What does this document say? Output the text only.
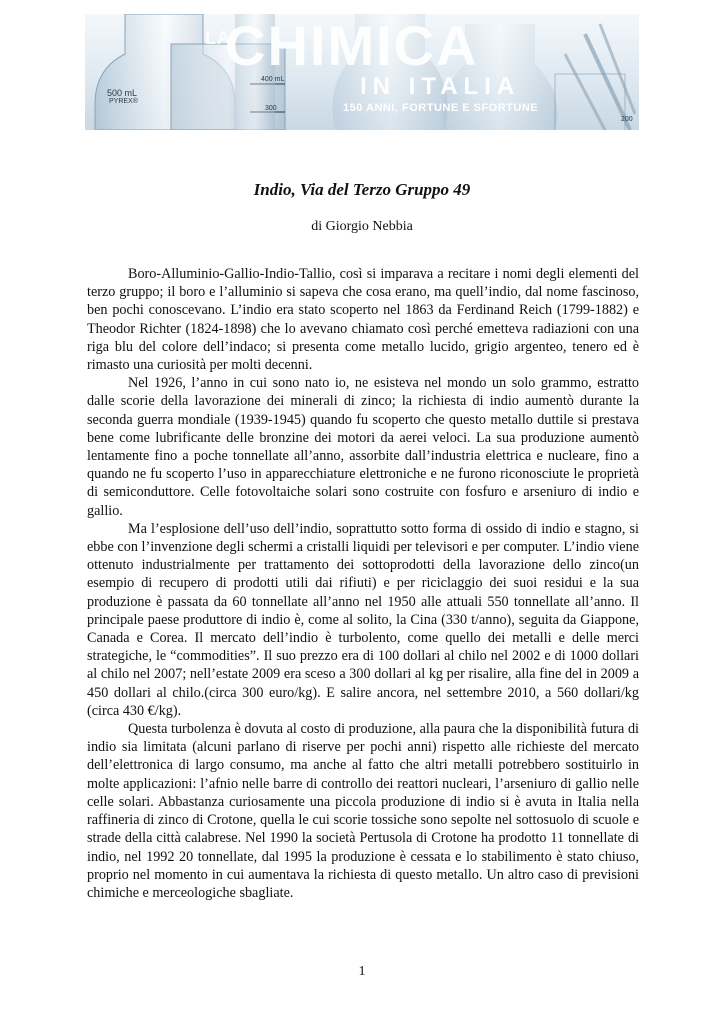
LA
CHIMICA
IN ITALIA
150 ANNI, FORTUNE E SFORTUNE
500 mL
PYREX®
400 mL
300
200
Indio, Via del Terzo Gruppo 49
di Giorgio Nebbia

Boro-Alluminio-Gallio-Indio-Tallio, così si imparava a recitare i nomi degli elementi del terzo gruppo; il boro e l’alluminio si sapeva che cosa erano, ma quell’indio, dal nome fascinoso, ben pochi conoscevano. L’indio era stato scoperto nel 1863 da Ferdinand Reich (1799-1882) e Theodor Richter (1824-1898) che lo avevano chiamato così perché emetteva radiazioni con una riga blu del colore dell’indaco; si presenta come metallo lucido, grigio argenteo, tenero ed è rimasto una curiosità per molti decenni.

Nel 1926, l’anno in cui sono nato io, ne esisteva nel mondo un solo grammo, estratto dalle scorie della lavorazione dei minerali di zinco; la richiesta di indio aumentò durante la seconda guerra mondiale (1939-1945) quando fu scoperto che questo metallo duttile si prestava bene come lubrificante delle bronzine dei motori da aerei veloci. La sua produzione aumentò lentamente fino a poche tonnellate all’anno, assorbite dall’industria elettrica e nucleare, fino a quando ne fu scoperto l’uso in apparecchiature elettroniche e ne furono riconosciute le proprietà di semiconduttore. Celle fotovoltaiche solari sono costruite con fosfuro e arseniuro di indio e gallio.

Ma l’esplosione dell’uso dell’indio, soprattutto sotto forma di ossido di indio e stagno, si ebbe con l’invenzione degli schermi a cristalli liquidi per televisori e per computer. L’indio viene ottenuto industrialmente per trattamento dei sottoprodotti della lavorazione dello zinco(un esempio di recupero di prodotti utili dai rifiuti) e per riciclaggio dei suoi residui e la sua produzione è passata da 60 tonnellate all’anno nel 1950 alle attuali 550 tonnellate all’anno. Il principale paese produttore di indio è, come al solito, la Cina (330 t/anno), seguita da Giappone, Canada e Corea. Il mercato dell’indio è turbolento, come quello dei metalli e delle merci strategiche, le “commodities”. Il suo prezzo era di 100 dollari al chilo nel 2002 e di 1000 dollari al chilo nel 2007; nell’estate 2009 era sceso a 300 dollari al kg per risalire, alla fine del in 2009 a 450 dollari al chilo.(circa 300 euro/kg). E salire ancora, nel settembre 2010, a 560 dollari/kg (circa 430 €/kg).

Questa turbolenza è dovuta al costo di produzione, alla paura che la disponibilità futura di indio sia limitata (alcuni parlano di riserve per pochi anni) rispetto alle richieste del mercato dell’elettronica di largo consumo, ma anche al fatto che altri metalli potrebbero sostituirlo in molte applicazioni: l’afnio nelle barre di controllo dei reattori nucleari, l’arseniuro di gallio nelle celle solari. Abbastanza curiosamente una piccola produzione di indio si è avuta in Italia nella raffineria di zinco di Crotone, quella le cui scorie tossiche sono sepolte nel sottosuolo di scuole e strade della città calabrese. Nel 1990 la società Pertusola di Crotone ha prodotto 11 tonnellate di indio, nel 1992 20 tonnellate, dal 1995 la produzione è cessata e lo stabilimento è stato chiuso, proprio nel momento in cui aumentava la richiesta di questo metallo. Un altro caso di previsioni chimiche e merceologiche sbagliate.

1
